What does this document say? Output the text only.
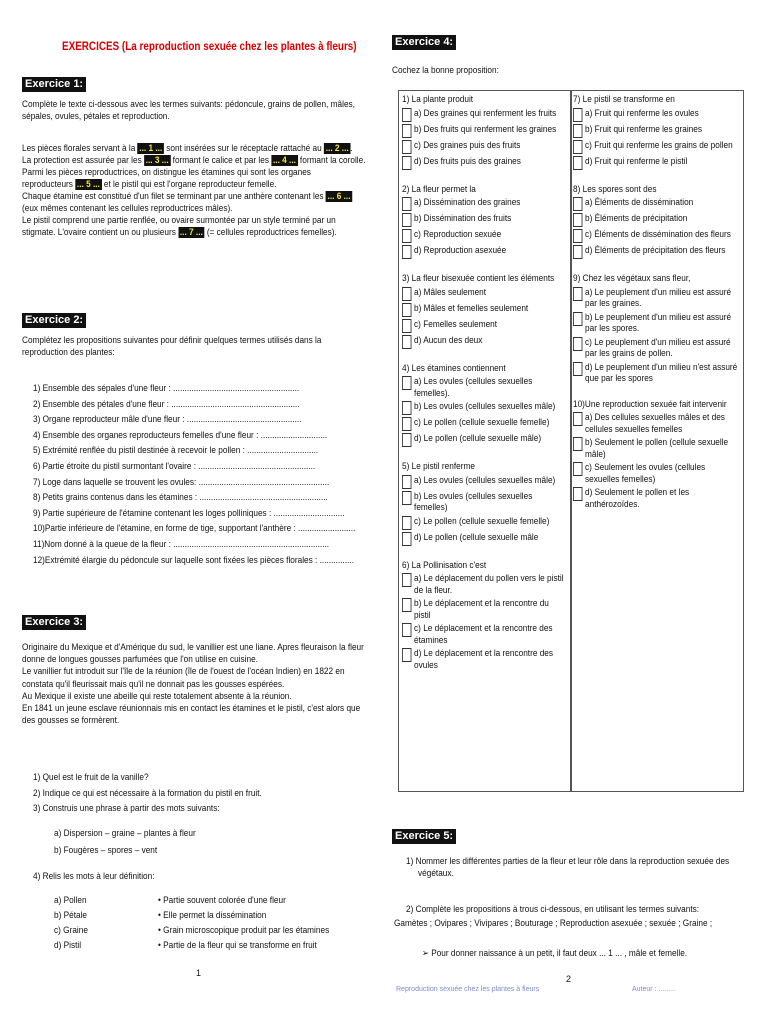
EXERCICES (La reproduction sexuée chez les plantes à fleurs)
Exercice 1:
Complète le texte ci-dessous avec les termes suivants: pédoncule, grains de pollen, mâles,
sépales, ovules, pétales et reproduction.
Les pièces florales servant à la ... 1 ... sont insérées sur le réceptacle rattaché au ... 2 ... .
La protection est assurée par les ... 3 ... formant le calice et par les ... 4 ... formant la corolle.
Parmi les pièces reproductrices, on distingue les étamines qui sont les organes
reproducteurs ... 5 ... et le pistil qui est l'organe reproducteur femelle.
Chaque étamine est constitué d'un filet se terminant par une anthère contenant les ... 6 ...
(eux mêmes contenant les cellules reproductrices mâles).
Le pistil comprend une partie renflée, ou ovaire surmontée par un style terminé par un
stigmate. L'ovaire contient un ou plusieurs ... 7 ... (= cellules reproductrices femelles).
Exercice 2:
Complétez les propositions suivantes pour définir quelques termes utilisés dans la
reproduction des plantes:
1) Ensemble des sépales d'une fleur : .......................................................
2) Ensemble des pétales d'une fleur : ........................................................
3) Organe reproducteur mâle d'une fleur : ..................................................
4) Ensemble des organes reproducteurs femelles d'une fleur : .............................
5) Extrémité renflée du pistil destinée à recevoir le pollen : ...............................
6) Partie étroite du pistil surmontant l'ovaire : ...................................................
7) Loge dans laquelle se trouvent les ovules: .........................................................
8) Petits grains contenus dans les étamines : ........................................................
9) Partie supérieure de l'étamine contenant les loges polliniques : ...............................
10)Partie inférieure de l'étamine, en forme de tige, supportant l'anthère : .........................
11)Nom donné à la queue de la fleur : ....................................................................
12)Extrémité élargie du pédoncule sur laquelle sont fixées les pièces florales : ...............
Exercice 3:
Originaire du Mexique et d'Amérique du sud, le vanillier est une liane. Apres fleuraison la fleur
donne de longues gousses parfumées que l'on utilise en cuisine.
Le vanillier fut introduit sur l'île de la réunion (île de l'ouest de l'océan Indien) en 1822 en
constata qu'il fleurissait mais qu'il ne donnait pas les gousses espérées.
Au Mexique il existe une abeille qui reste totalement absente à la réunion.
En 1841 un jeune esclave réunionnais mis en contact les étamines et le pistil, c'est alors que
des gousses se formèrent.
1) Quel est le fruit de la vanille?
2) Indique ce qui est nécessaire à la formation du pistil en fruit.
3) Construis une phrase à partir des mots suivants:
a) Dispersion – graine – plantes à fleur
b) Fougères – spores – vent
4) Relis les mots à leur définition:
a) Pollen
b) Pétale
c) Graine
d) Pistil
• Partie souvent colorée d'une fleur
• Elle permet la dissémination
• Grain microscopique produit par les étamines
• Partie de la fleur qui se transforme en fruit
1
Exercice 4:
Cochez la bonne proposition:
1) La plante produit
a) Des graines qui renferment les fruits
b) Des fruits qui renferment les graines
c) Des graines puis des fruits
d) Des fruits puis des graines
2) La fleur permet la
a) Dissémination des graines
b) Dissémination des fruits
c) Reproduction sexuée
d) Reproduction asexuée
3) La fleur bisexuée contient les éléments
a) Mâles seulement
b) Mâles et femelles seulement
c) Femelles seulement
d) Aucun des deux
4) Les étamines contiennent
a) Les ovules (cellules sexuelles femelles).
b) Les ovules (cellules sexuelles mâle)
c) Le pollen (cellule sexuelle femelle)
d) Le pollen (cellule sexuelle mâle)
5) Le pistil renferme
a) Les ovules (cellules sexuelles mâle)
b) Les ovules (cellules sexuelles femelles)
c) Le pollen (cellule sexuelle femelle)
d) Le pollen (cellule sexuelle mâle
6) La Pollinisation c'est
a) Le déplacement du pollen vers le pistil de la fleur.
b) Le déplacement et la rencontre du pistil
c) Le déplacement et la rencontre des étamines
d) Le déplacement et la rencontre des ovules
7) Le pistil se transforme en
a) Fruit qui renferme les ovules
b) Fruit qui renferme les graines
c) Fruit qui renferme les grains de pollen
d) Fruit qui renferme le pistil
8) Les spores sont des
a) Éléments de dissémination
b) Éléments de précipitation
c) Éléments de dissémination des fleurs
d) Éléments de précipitation des fleurs
9) Chez les végétaux sans fleur,
a) Le peuplement d'un milieu est assuré par les graines.
b) Le peuplement d'un milieu est assuré par les spores.
c) Le peuplement d'un milieu est assuré par les grains de pollen.
d) Le peuplement d'un milieu n'est assuré que par les spores
10)Une reproduction sexuée fait intervenir
a) Des cellules sexuelles mâles et des cellules sexuelles femelles
b) Seulement le pollen (cellule sexuelle mâle)
c) Seulement les ovules (cellules sexuelles femelles)
d) Seulement le pollen et les anthérozoïdes.
Exercice 5:
1) Nommer les différentes parties de la fleur et leur rôle dans la reproduction sexuée des
végétaux.
2) Complète les propositions à trous ci-dessous, en utilisant les termes suivants:
Gamètes ; Ovipares ; Vivipares ; Bouturage ; Reproduction asexuée ; sexuée ; Graine ;
➢ Pour donner naissance à un petit, il faut deux ... 1 ... , mâle et femelle.
2
Reproduction sexuée chez les plantes à fleurs	Auteur : .........
